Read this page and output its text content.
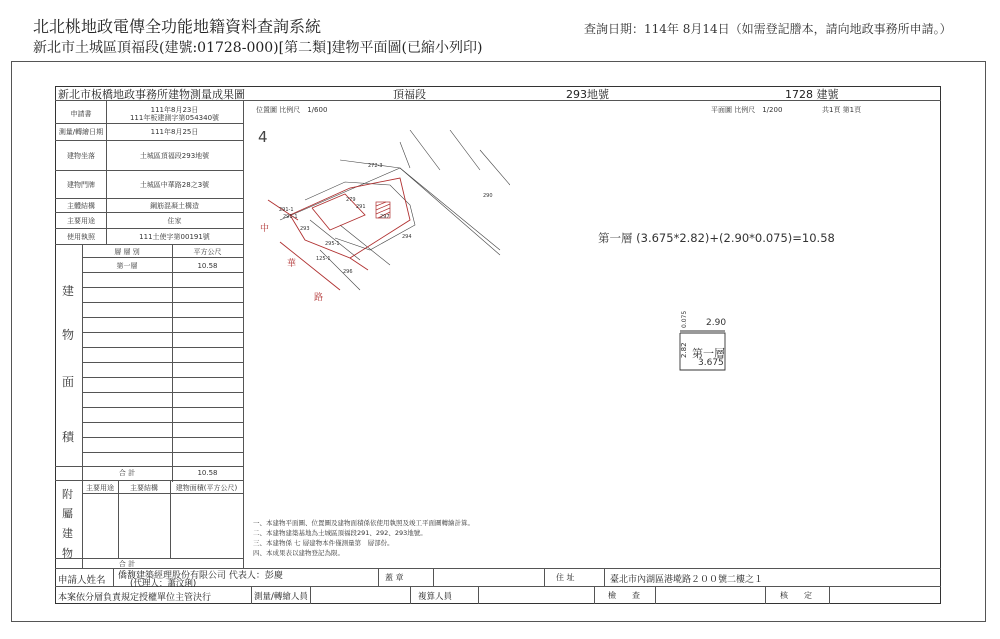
北北桃地政電傳全功能地籍資料查詢系統
新北市土城區頂福段(建號:01728-000)[第二類]建物平面圖(已縮小列印)
查詢日期：114年 8月14日（如需登記謄本，請向地政事務所申請。）
新北市板橋地政事務所建物測量成果圖	頂福段	293地號	1728 建號
申請書	111年8月23日
111年板建測字第054340號
測量/轉繪日期	111年8月25日
建物坐落	土城區頂福段293地號
建物門牌	土城區中華路28之3號
主體結構	鋼筋混凝土構造
主要用途	住家
使用執照	111土使字第00191號
層 層 別	平方公尺
第一層	10.58
合 計	10.58
建
物
面
積
主要用途	主要結構	建物面積(平方公尺)
合 計
附
屬
建
物
位置圖 比例尺　1/600	平面圖 比例尺　1/200	共1頁 第1頁
4
272-3
290
279
291-1
291-1
291
297
294
293
125-1
295-1
296
中
華
路
第一層 (3.675*2.82)+(2.90*0.075)=10.58
2.90
0.075
2.82 第一層
3.675
一、本建物平面圖、位置圖及建物面積係依使用執照及竣工平面圖轉繪計算。
二、本建物建築基地為土城區頂福段291、292、293地號。
三、本建物係 七 層建物本件僅測量第　層部份。
四、本成果表以建物登記為限。
申請人姓名 僑馥建築經理股份有限公司 代表人：彭慶
(代理人：蕭汶琍)
蓋 章	住 址	臺北市內湖區港墘路２００號二樓之１
本案依分層負責規定授權單位主管決行	測量/轉繪人員	複算人員	檢　　查	核　　定
